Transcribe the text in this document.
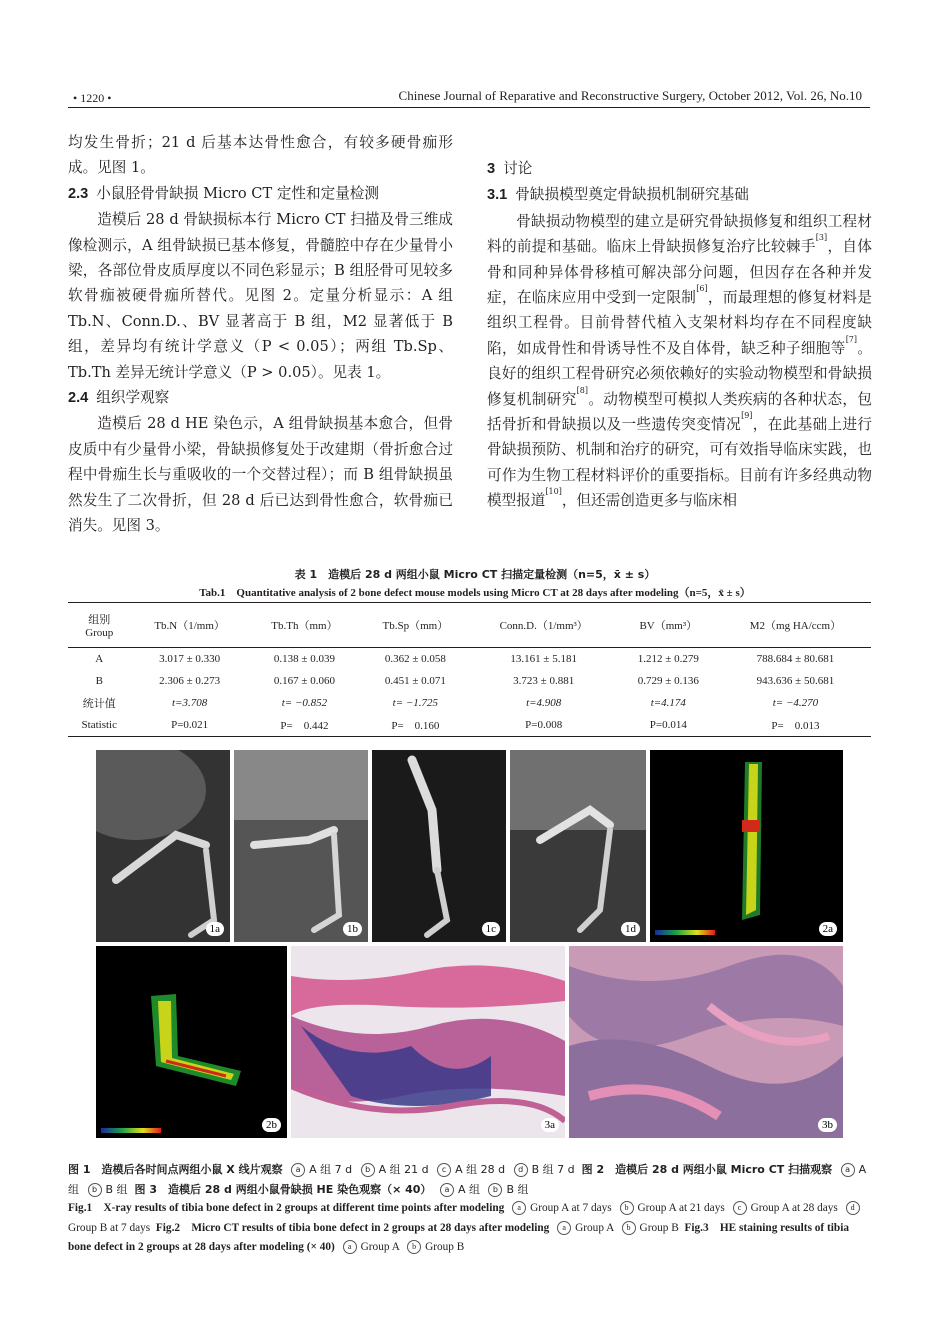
• 1220 •	Chinese Journal of Reparative and Reconstructive Surgery, October 2012, Vol. 26, No.10

均发生骨折；21 d 后基本达骨性愈合，有较多硬骨痂形成。见图 1。

2.3 小鼠胫骨骨缺损 Micro CT 定性和定量检测

造模后 28 d 骨缺损标本行 Micro CT 扫描及骨三维成像检测示，A 组骨缺损已基本修复，骨髓腔中存在少量骨小梁，各部位骨皮质厚度以不同色彩显示；B 组胫骨可见较多软骨痂被硬骨痂所替代。见图 2。定量分析显示：A 组 Tb.N、Conn.D.、BV 显著高于 B 组，M2 显著低于 B 组，差异均有统计学意义（P < 0.05）；两组 Tb.Sp、Tb.Th 差异无统计学意义（P > 0.05）。见表 1。

2.4 组织学观察

造模后 28 d HE 染色示，A 组骨缺损基本愈合，但骨皮质中有少量骨小梁，骨缺损修复处于改建期（骨折愈合过程中骨痂生长与重吸收的一个交替过程）；而 B 组骨缺损虽然发生了二次骨折，但 28 d 后已达到骨性愈合，软骨痂已消失。见图 3。

3 讨论

3.1 骨缺损模型奠定骨缺损机制研究基础

骨缺损动物模型的建立是研究骨缺损修复和组织工程材料的前提和基础。临床上骨缺损修复治疗比较棘手[3]，自体骨和同种异体骨移植可解决部分问题，但因存在各种并发症，在临床应用中受到一定限制[6]，而最理想的修复材料是组织工程骨。目前骨替代植入支架材料均存在不同程度缺陷，如成骨性和骨诱导性不及自体骨，缺乏种子细胞等[7]。良好的组织工程骨研究必须依赖好的实验动物模型和骨缺损修复机制研究[8]。动物模型可模拟人类疾病的各种状态，包括骨折和骨缺损以及一些遗传突变情况[9]，在此基础上进行骨缺损预防、机制和治疗的研究，可有效指导临床实践，也可作为生物工程材料评价的重要指标。目前有许多经典动物模型报道[10]，但还需创造更多与临床相

表 1　造模后 28 d 两组小鼠 Micro CT 扫描定量检测（n=5，x̄ ± s）
Tab.1　Quantitative analysis of 2 bone defect mouse models using Micro CT at 28 days after modeling（n=5，x̄ ± s）
组别
Group	Tb.N（1/mm）	Tb.Th（mm）	Tb.Sp（mm）	Conn.D.（1/mm³）	BV（mm³）	M2（mg HA/ccm）
A	3.017 ± 0.330	0.138 ± 0.039	0.362 ± 0.058	13.161 ± 5.181	1.212 ± 0.279	788.684 ± 80.681
B	2.306 ± 0.273	0.167 ± 0.060	0.451 ± 0.071	3.723 ± 0.881	0.729 ± 0.136	943.636 ± 50.681
统计值	t=3.708	t= −0.852	t= −1.725	t=4.908	t=4.174	t= −4.270
Statistic	P=0.021	P=　0.442	P=　0.160	P=0.008	P=0.014	P=　0.013
1a	1b	1c	1d	2a
2b	3a	3b
图 1　造模后各时间点两组小鼠 X 线片观察 a A 组 7 d b A 组 21 d c A 组 28 d d B 组 7 d 图 2　造模后 28 d 两组小鼠 Micro CT 扫描观察 a A 组 b B 组 图 3　造模后 28 d 两组小鼠骨缺损 HE 染色观察（× 40） a A 组 b B 组
Fig.1　X-ray results of tibia bone defect in 2 groups at different time points after modeling a Group A at 7 days b Group A at 21 days c Group A at 28 days dGroup B at 7 days Fig.2　Micro CT results of tibia bone defect in 2 groups at 28 days after modeling a Group A b Group B Fig.3　HE staining results of tibia bone defect in 2 groups at 28 days after modeling (× 40) a Group A b Group B
